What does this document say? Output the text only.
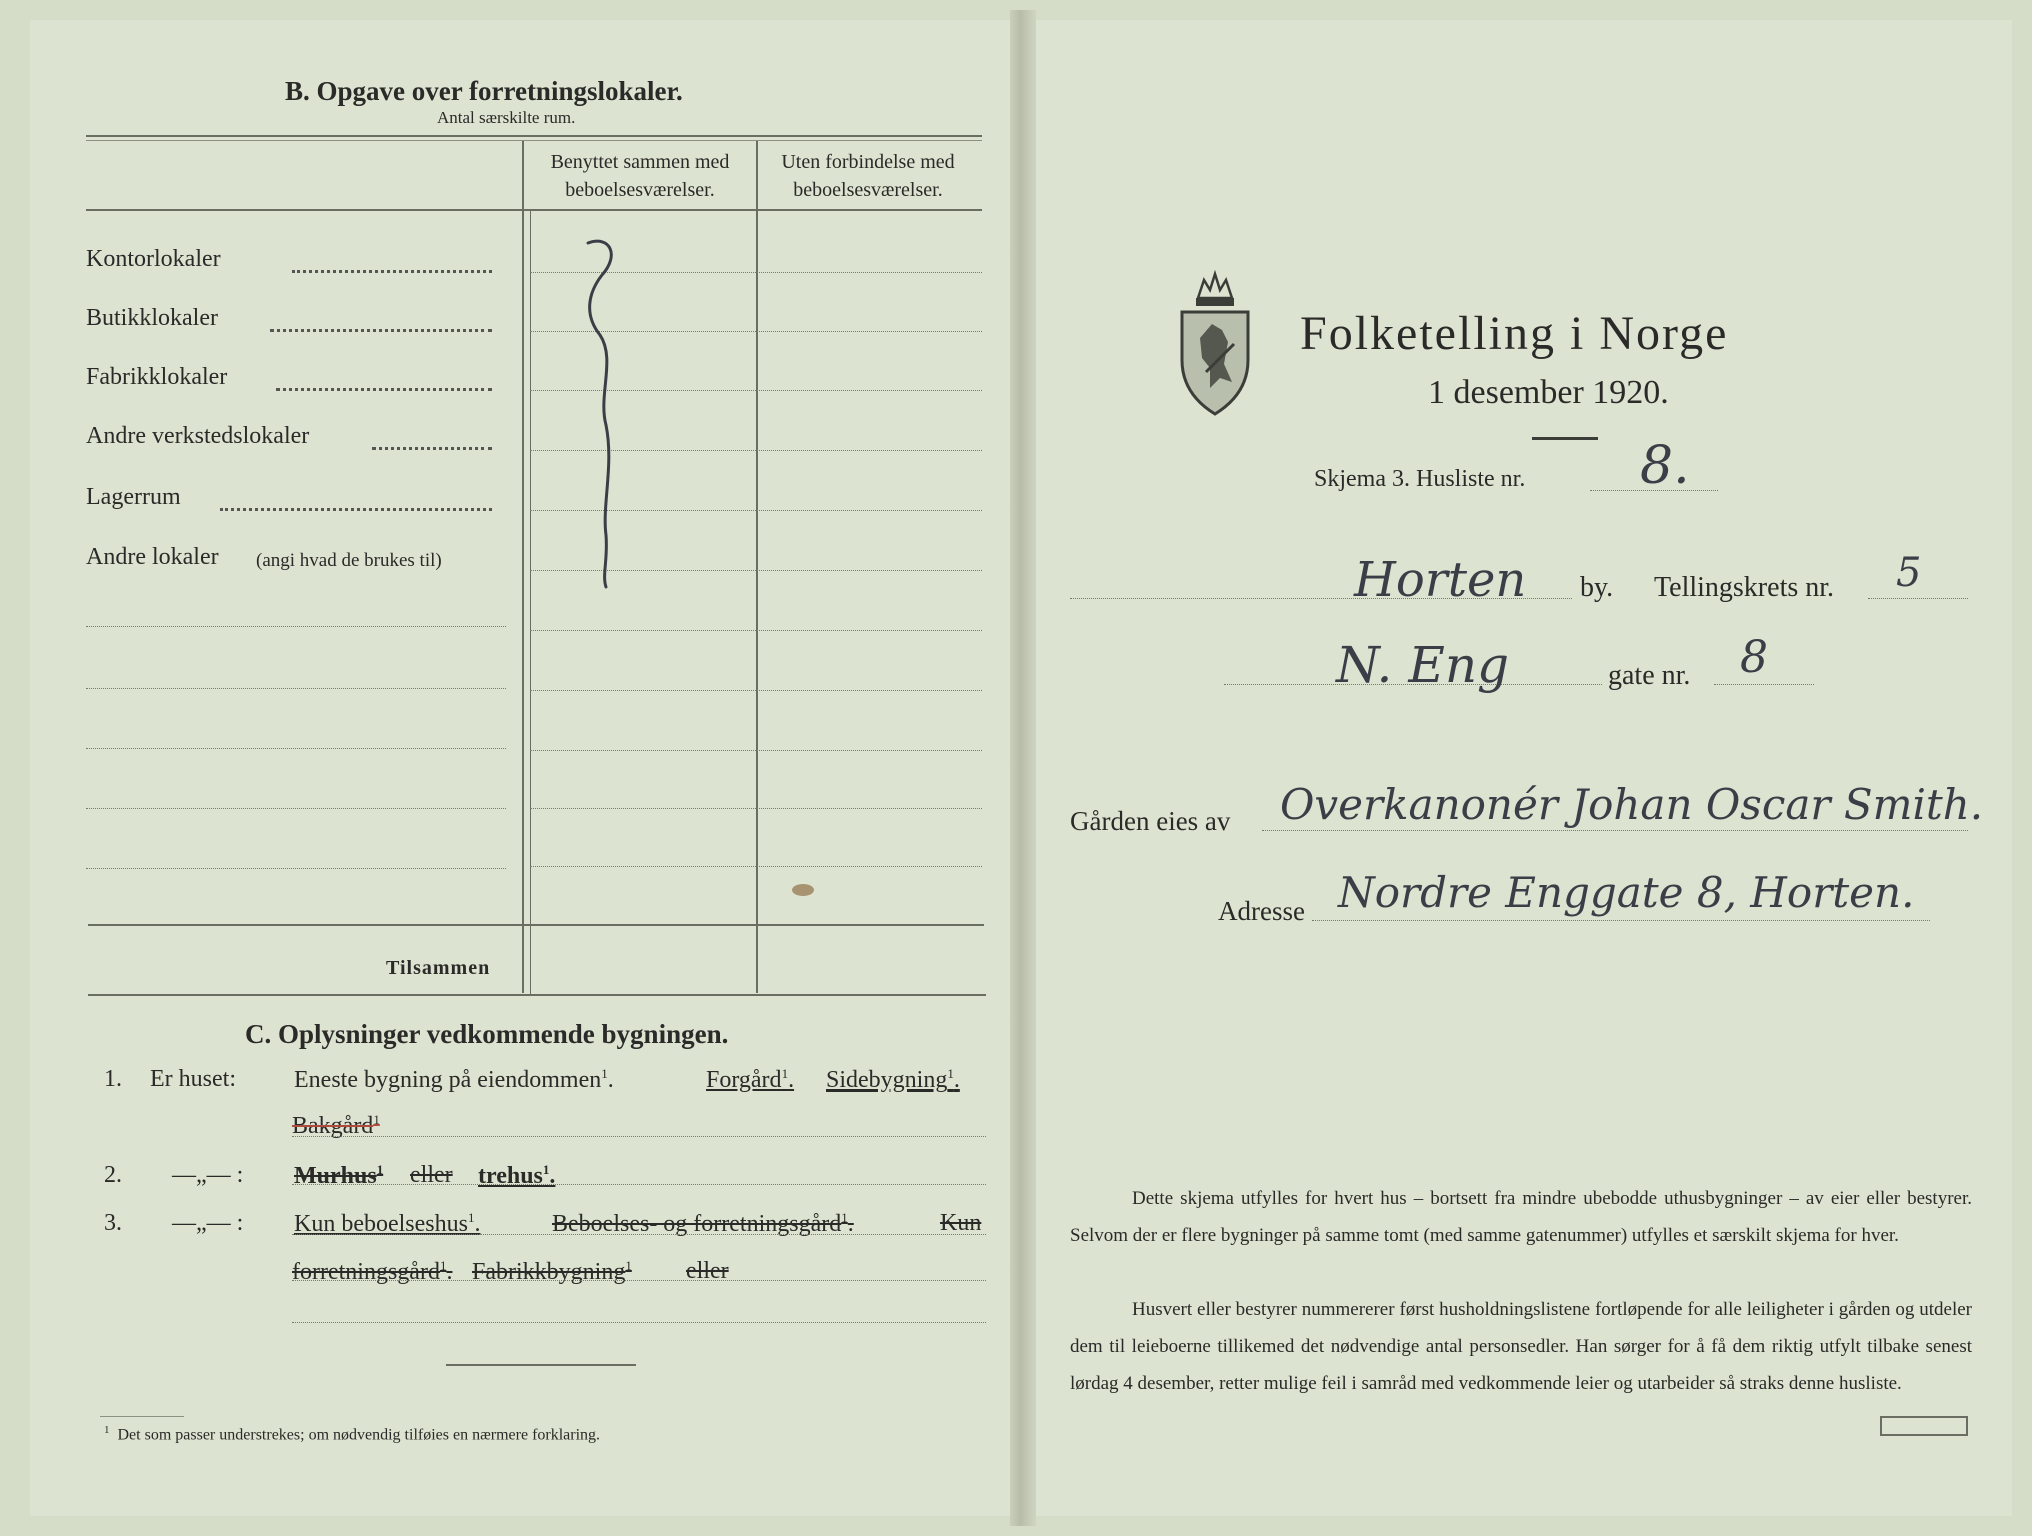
B. Opgave over forretningslokaler.
Antal særskilte rum.
Benyttet sammen med beboelsesværelser.
Uten forbindelse med beboelsesværelser.
Kontorlokaler
Butikklokaler
Fabrikklokaler
Andre verkstedslokaler
Lagerrum
Andre lokaler (angi hvad de brukes til)
Tilsammen
C. Oplysninger vedkommende bygningen.
1. Er huset: Eneste bygning på eiendommen$^1$.	Forgård$^1$. Sidebygning$^1$.
Bakgård$^1$
2. —„— : Murhus$^1$ eller trehus$^1$.
3. —„— : Kun beboelseshus$^1$.	Beboelses- og forretningsgård$^1$.	Kun
forretningsgård$^1$. Fabrikkbygning$^1$ eller
$^1$ Det som passer understrekes; om nødvendig tilføies en nærmere forklaring.
Folketelling i Norge
1 desember 1920.
Skjema 3. Husliste nr. 8.
Horten by. Tellingskrets nr. 5
N. Eng	gate nr. 8
Gården eies av Overkanonér Johan Oscar Smith.
Adresse Nordre Enggate 8, Horten.
Dette skjema utfylles for hvert hus – bortsett fra mindre ubebodde uthusbygninger – av eier eller bestyrer. Selvom der er flere bygninger på samme tomt (med samme gatenummer) utfylles et særskilt skjema for hver.
Husvert eller bestyrer nummererer først husholdningslistene fortløpende for alle leiligheter i gården og utdeler dem til leieboerne tillikemed det nødvendige antal personsedler. Han sørger for å få dem riktig utfylt tilbake senest lørdag 4 desember, retter mulige feil i samråd med vedkommende leier og utarbeider så straks denne husliste.
